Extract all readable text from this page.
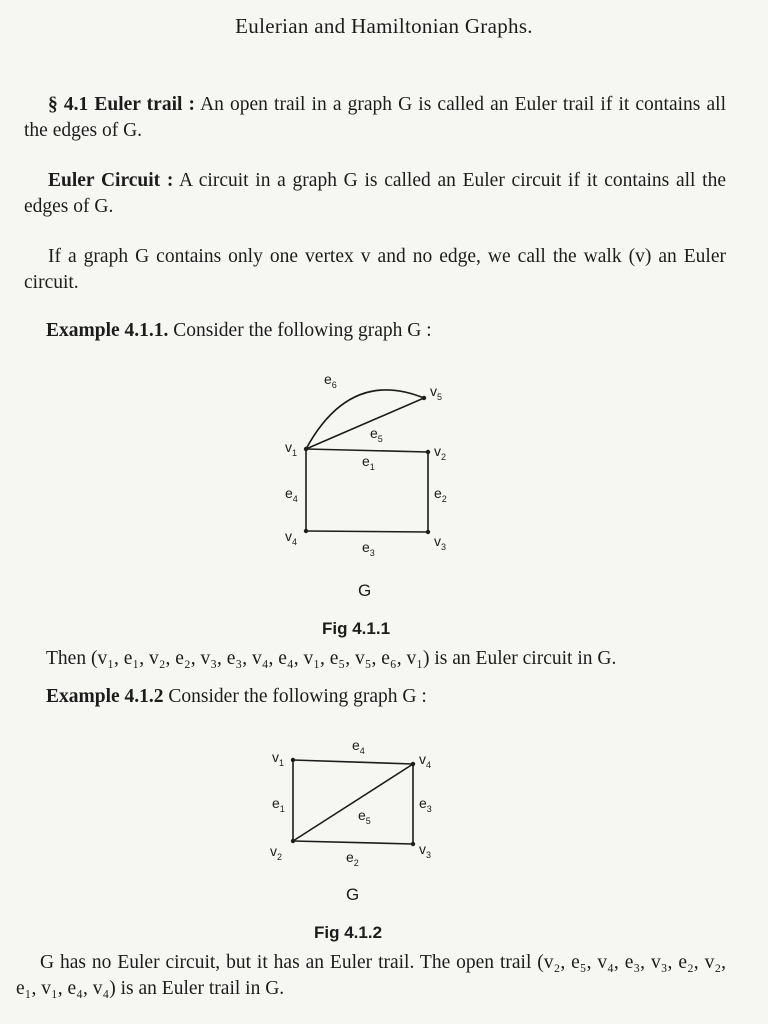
Eulerian and Hamiltonian Graphs.
§ 4.1 Euler trail : An open trail in a graph G is called an Euler trail if it contains all the edges of G.
Euler Circuit : A circuit in a graph G is called an Euler circuit if it contains all the edges of G.
If a graph G contains only one vertex v and no edge, we call the walk (v) an Euler circuit.
Example 4.1.1. Consider the following graph G :
$v_1$	$v_2$
$v_3$
$v_4$
$v_5$
$e_1$
$e_2$
$e_3$
$e_4$
$e_5$
$e_6$
G
Fig 4.1.1
Then (v₁, e₁, v₂, e₂, v₃, e₃, v₄, e₄, v₁, e₅, v₅, e₆, v₁) is an Euler circuit in G.
Example 4.1.2 Consider the following graph G :
$v_1$
$v_2$	$v_3$
$v_4$
$e_1$
$e_2$
$e_3$
$e_4$
$e_5$
G
Fig 4.1.2
G has no Euler circuit, but it has an Euler trail. The open trail (v₂, e₅, v₄, e₃, v₃, e₂, v₂, e₁, v₁, e₄, v₄) is an Euler trail in G.
